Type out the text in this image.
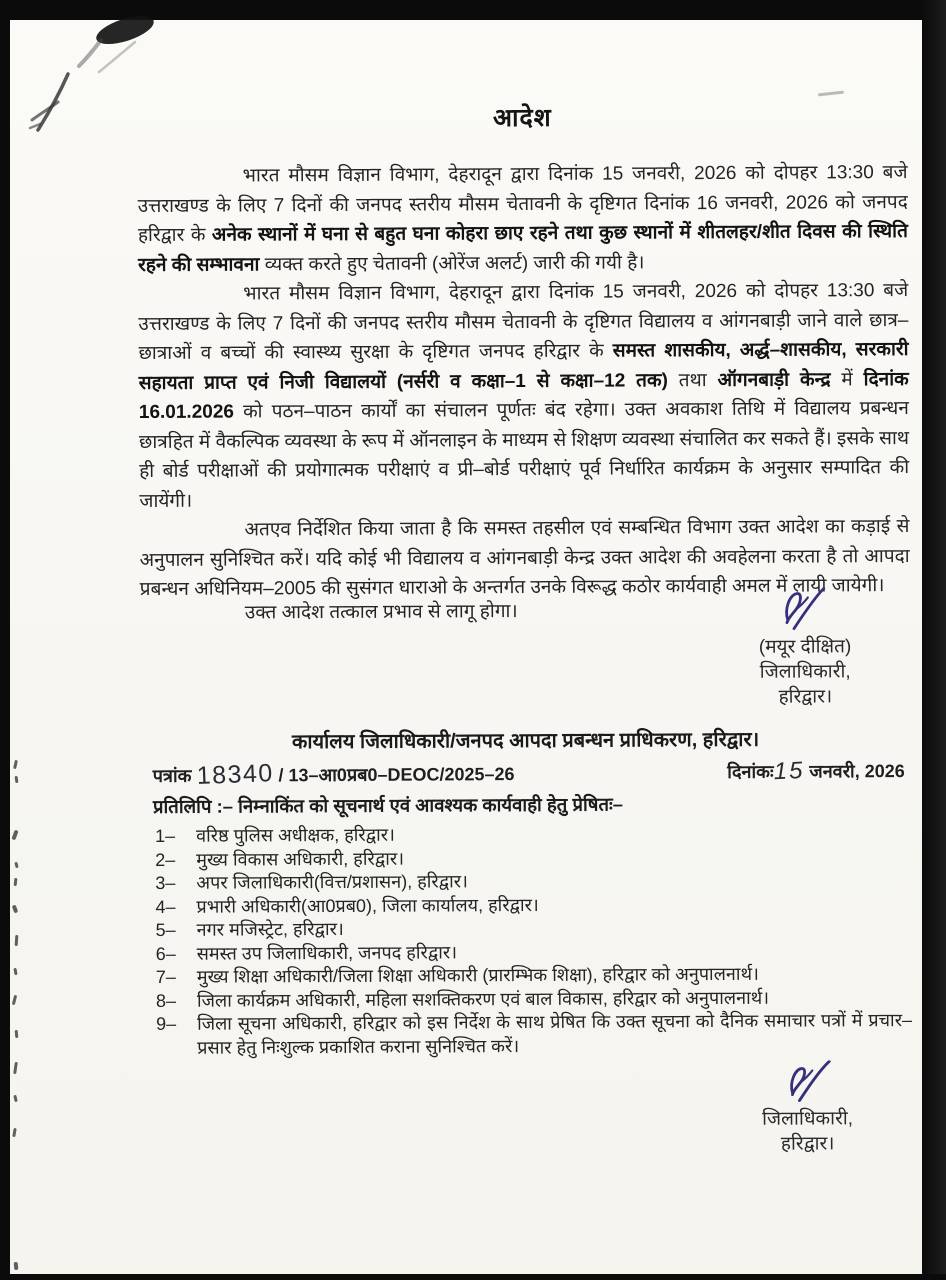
आदेश

भारत मौसम विज्ञान विभाग, देहरादून द्वारा दिनांक 15 जनवरी, 2026 को दोपहर 13:30 बजे उत्तराखण्ड के लिए 7 दिनों की जनपद स्तरीय मौसम चेतावनी के दृष्टिगत दिनांक 16 जनवरी, 2026 को जनपद हरिद्वार के अनेक स्थानों में घना से बहुत घना कोहरा छाए रहने तथा कुछ स्थानों में शीतलहर/शीत दिवस की स्थिति रहने की सम्भावना व्यक्त करते हुए चेतावनी (ओरेंज अलर्ट) जारी की गयी है।

भारत मौसम विज्ञान विभाग, देहरादून द्वारा दिनांक 15 जनवरी, 2026 को दोपहर 13:30 बजे उत्तराखण्ड के लिए 7 दिनों की जनपद स्तरीय मौसम चेतावनी के दृष्टिगत विद्यालय व आंगनबाड़ी जाने वाले छात्र–छात्राओं व बच्चों की स्वास्थ्य सुरक्षा के दृष्टिगत जनपद हरिद्वार के समस्त शासकीय, अर्द्ध–शासकीय, सरकारी सहायता प्राप्त एवं निजी विद्यालयों (नर्सरी व कक्षा–1 से कक्षा–12 तक) तथा ऑगनबाड़ी केन्द्र में दिनांक 16.01.2026 को पठन–पाठन कार्यों का संचालन पूर्णतः बंद रहेगा। उक्त अवकाश तिथि में विद्यालय प्रबन्धन छात्रहित में वैकल्पिक व्यवस्था के रूप में ऑनलाइन के माध्यम से शिक्षण व्यवस्था संचालित कर सकते हैं। इसके साथ ही बोर्ड परीक्षाओं की प्रयोगात्मक परीक्षाएं व प्री–बोर्ड परीक्षाएं पूर्व निर्धारित कार्यक्रम के अनुसार सम्पादित की जायेंगी।

अतएव निर्देशित किया जाता है कि समस्त तहसील एवं सम्बन्धित विभाग उक्त आदेश का कड़ाई से अनुपालन सुनिश्चित करें। यदि कोई भी विद्यालय व आंगनबाड़ी केन्द्र उक्त आदेश की अवहेलना करता है तो आपदा प्रबन्धन अधिनियम–2005 की सुसंगत धाराओ के अन्तर्गत उनके विरूद्ध कठोर कार्यवाही अमल में लायी जायेगी।

उक्त आदेश तत्काल प्रभाव से लागू होगा।

(मयूर दीक्षित)
जिलाधिकारी,
हरिद्वार।
कार्यालय जिलाधिकारी/जनपद आपदा प्रबन्धन प्राधिकरण, हरिद्वार।
पत्रांक 18340 / 13–आ0प्रब0–DEOC/2025–26	दिनांकः15 जनवरी, 2026
प्रतिलिपि :– निम्नाकिंत को सूचनार्थ एवं आवश्यक कार्यवाही हेतु प्रेषितः–
1– वरिष्ठ पुलिस अधीक्षक, हरिद्वार।
2– मुख्य विकास अधिकारी, हरिद्वार।
3– अपर जिलाधिकारी(वित्त/प्रशासन), हरिद्वार।
4– प्रभारी अधिकारी(आ0प्रब0), जिला कार्यालय, हरिद्वार।
5– नगर मजिस्ट्रेट, हरिद्वार।
6– समस्त उप जिलाधिकारी, जनपद हरिद्वार।
7– मुख्य शिक्षा अधिकारी/जिला शिक्षा अधिकारी (प्रारम्भिक शिक्षा), हरिद्वार को अनुपालनार्थ।
8– जिला कार्यक्रम अधिकारी, महिला सशक्तिकरण एवं बाल विकास, हरिद्वार को अनुपालनार्थ।
9– जिला सूचना अधिकारी, हरिद्वार को इस निर्देश के साथ प्रेषित कि उक्त सूचना को दैनिक समाचार पत्रों में प्रचार–प्रसार हेतु निःशुल्क प्रकाशित कराना सुनिश्चित करें।
जिलाधिकारी,
हरिद्वार।
